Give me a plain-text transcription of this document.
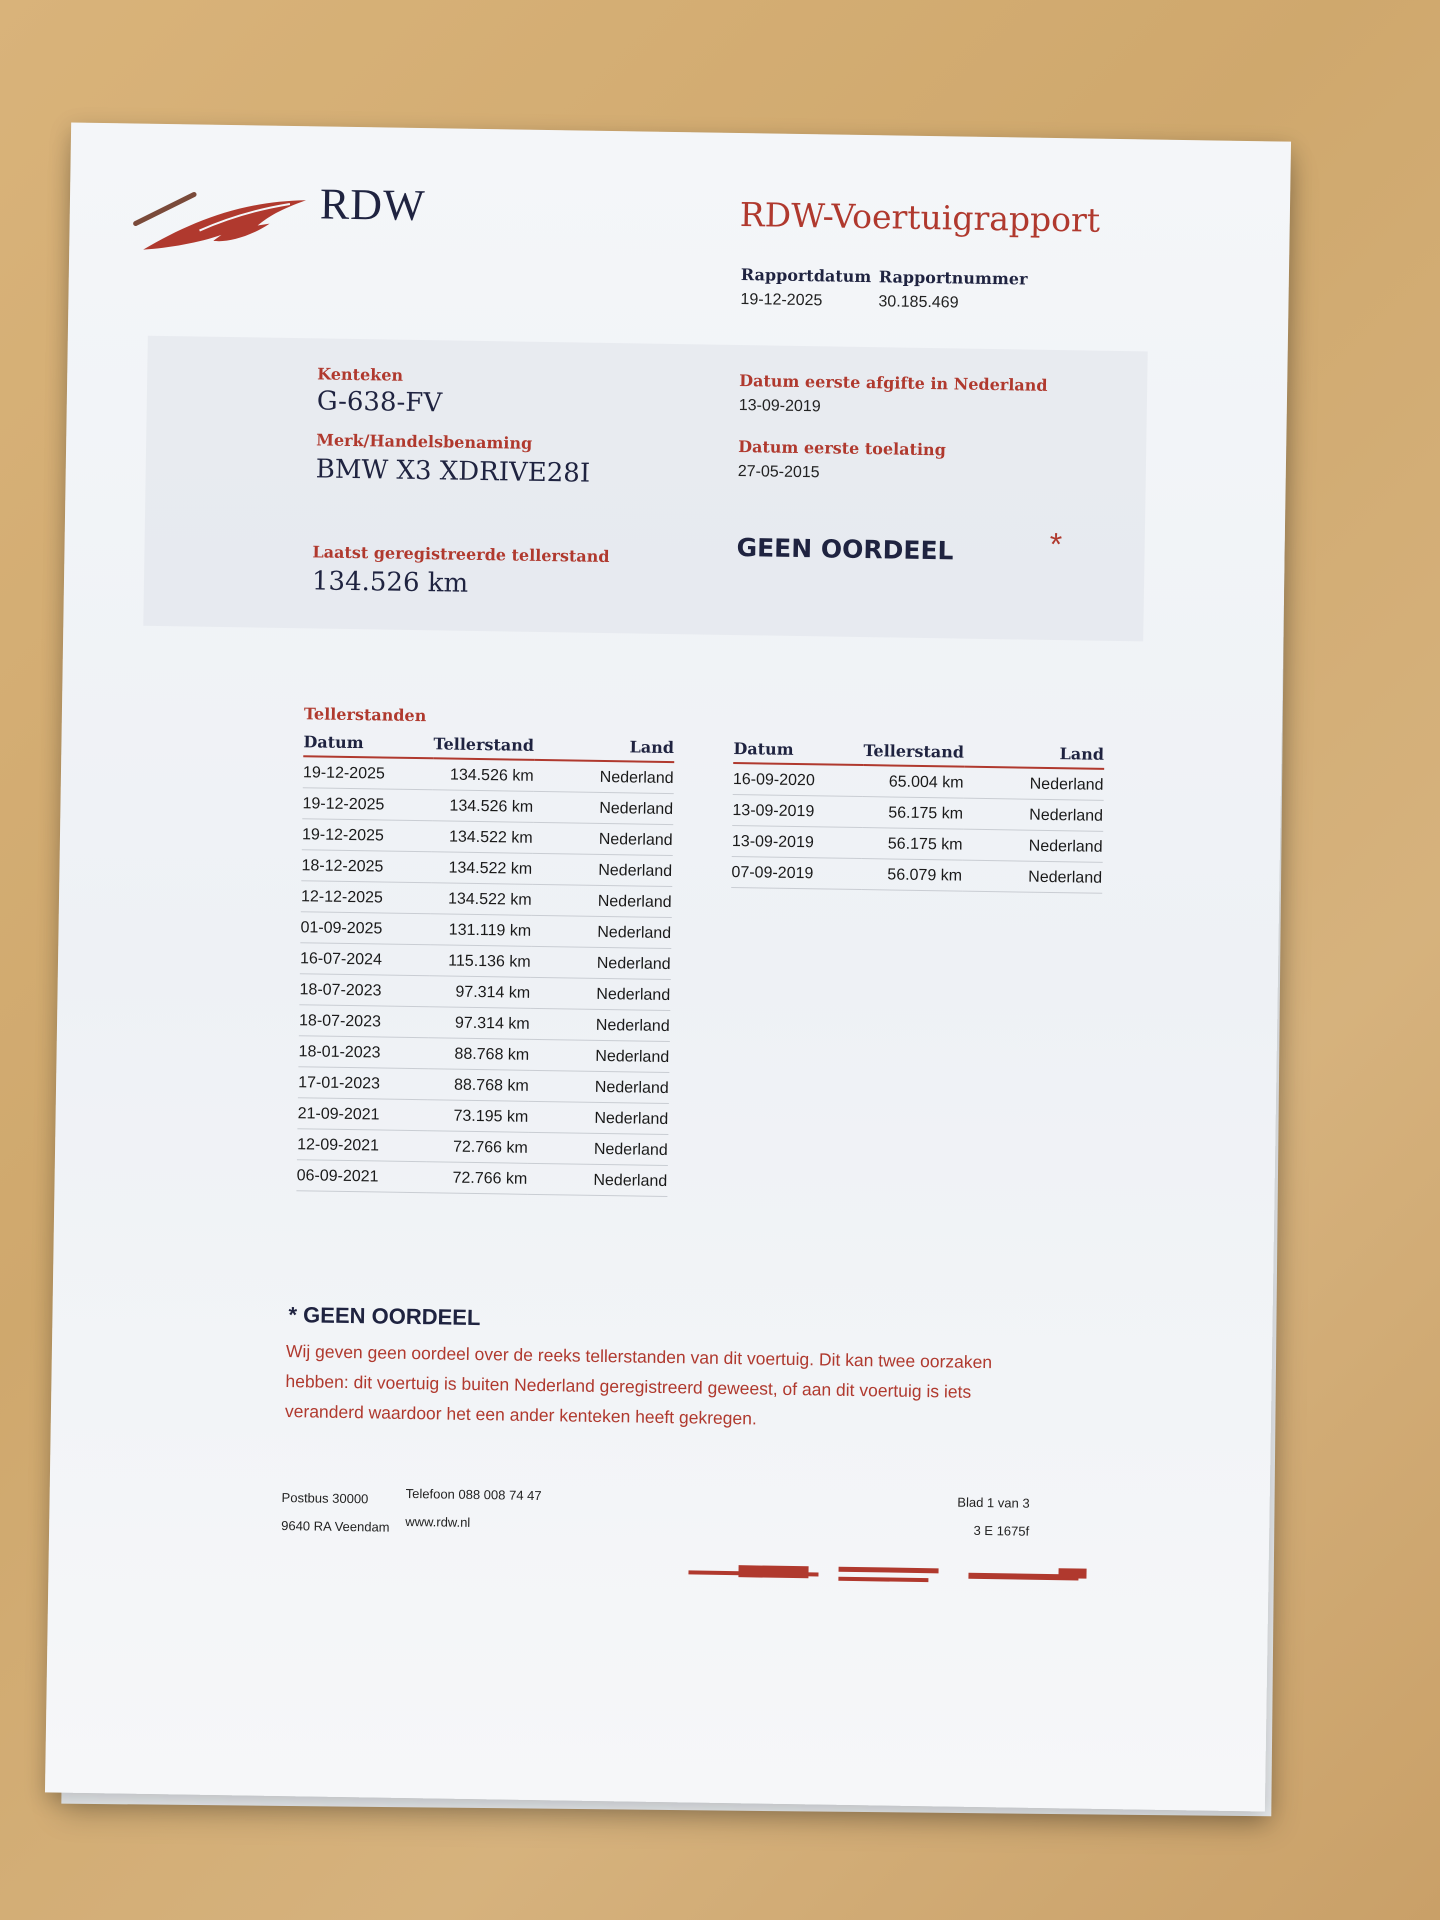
RDW	RDW-Voertuigrapport
Rapportdatum
19-12-2025
Rapportnummer
30.185.469
Kenteken
G-638-FV
Merk/Handelsbenaming
BMW X3 XDRIVE28I
Laatst geregistreerde tellerstand
134.526 km
Datum eerste afgifte in Nederland
13-09-2019
Datum eerste toelating
27-05-2015
GEEN OORDEEL	*
Tellerstanden
Datum	Tellerstand	Land
19-12-2025	134.526 km	Nederland
19-12-2025	134.526 km	Nederland
19-12-2025	134.522 km	Nederland
18-12-2025	134.522 km	Nederland
12-12-2025	134.522 km	Nederland
01-09-2025	131.119 km	Nederland
16-07-2024	115.136 km	Nederland
18-07-2023	97.314 km	Nederland
18-07-2023	97.314 km	Nederland
18-01-2023	88.768 km	Nederland
17-01-2023	88.768 km	Nederland
21-09-2021	73.195 km	Nederland
12-09-2021	72.766 km	Nederland
06-09-2021	72.766 km	Nederland
Datum	Tellerstand	Land
16-09-2020	65.004 km	Nederland
13-09-2019	56.175 km	Nederland
13-09-2019	56.175 km	Nederland
07-09-2019	56.079 km	Nederland
* GEEN OORDEEL
Wij geven geen oordeel over de reeks tellerstanden van dit voertuig. Dit kan twee oorzaken hebben: dit voertuig is buiten Nederland geregistreerd geweest, of aan dit voertuig is iets veranderd waardoor het een ander kenteken heeft gekregen.
Postbus 30000
9640 RA Veendam
Telefoon 088 008 74 47
www.rdw.nl
Blad 1 van 3
3 E 1675f
